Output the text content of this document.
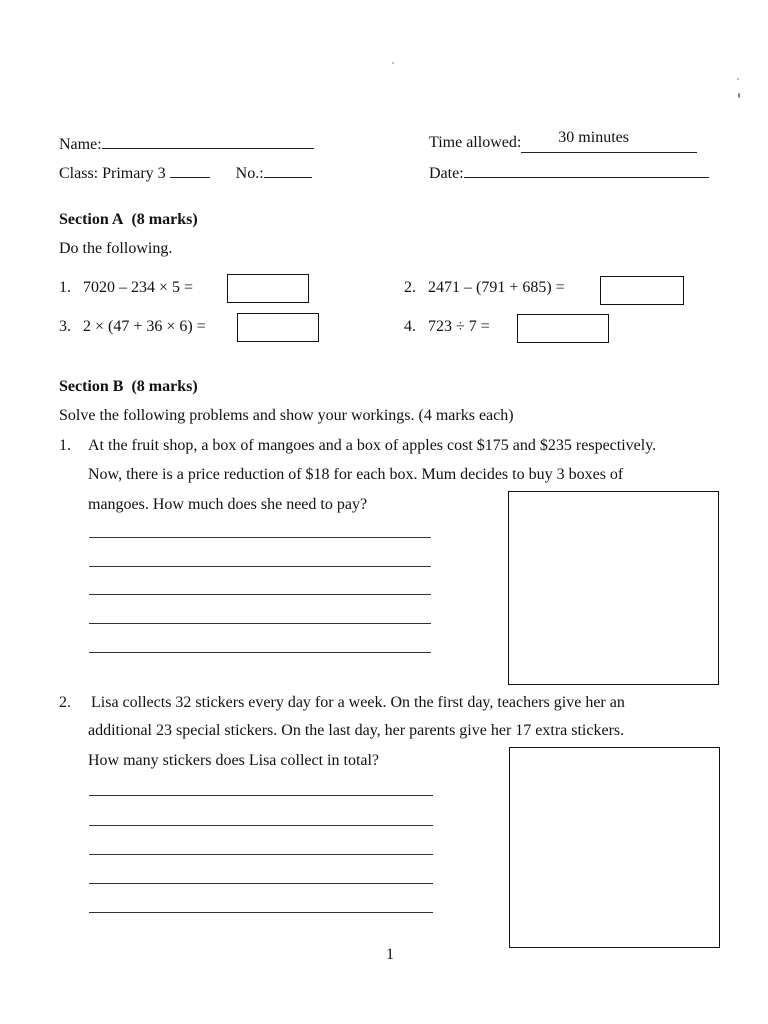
Name:
Class: Primary 3	No.:
Time allowed: 30 minutes

Date:
Section A (8 marks)
Do the following.
1. 7020 – 234 × 5 =	2. 2471 – (791 + 685) =
3. 2 × (47 + 36 × 6) =	4. 723 ÷ 7 =
Section B (8 marks)
Solve the following problems and show your workings. (4 marks each)
1. At the fruit shop, a box of mangoes and a box of apples cost $175 and $235 respectively.
Now, there is a price reduction of $18 for each box. Mum decides to buy 3 boxes of
mangoes. How much does she need to pay?
2. Lisa collects 32 stickers every day for a week. On the first day, teachers give her an
additional 23 special stickers. On the last day, her parents give her 17 extra stickers.
How many stickers does Lisa collect in total?
1
